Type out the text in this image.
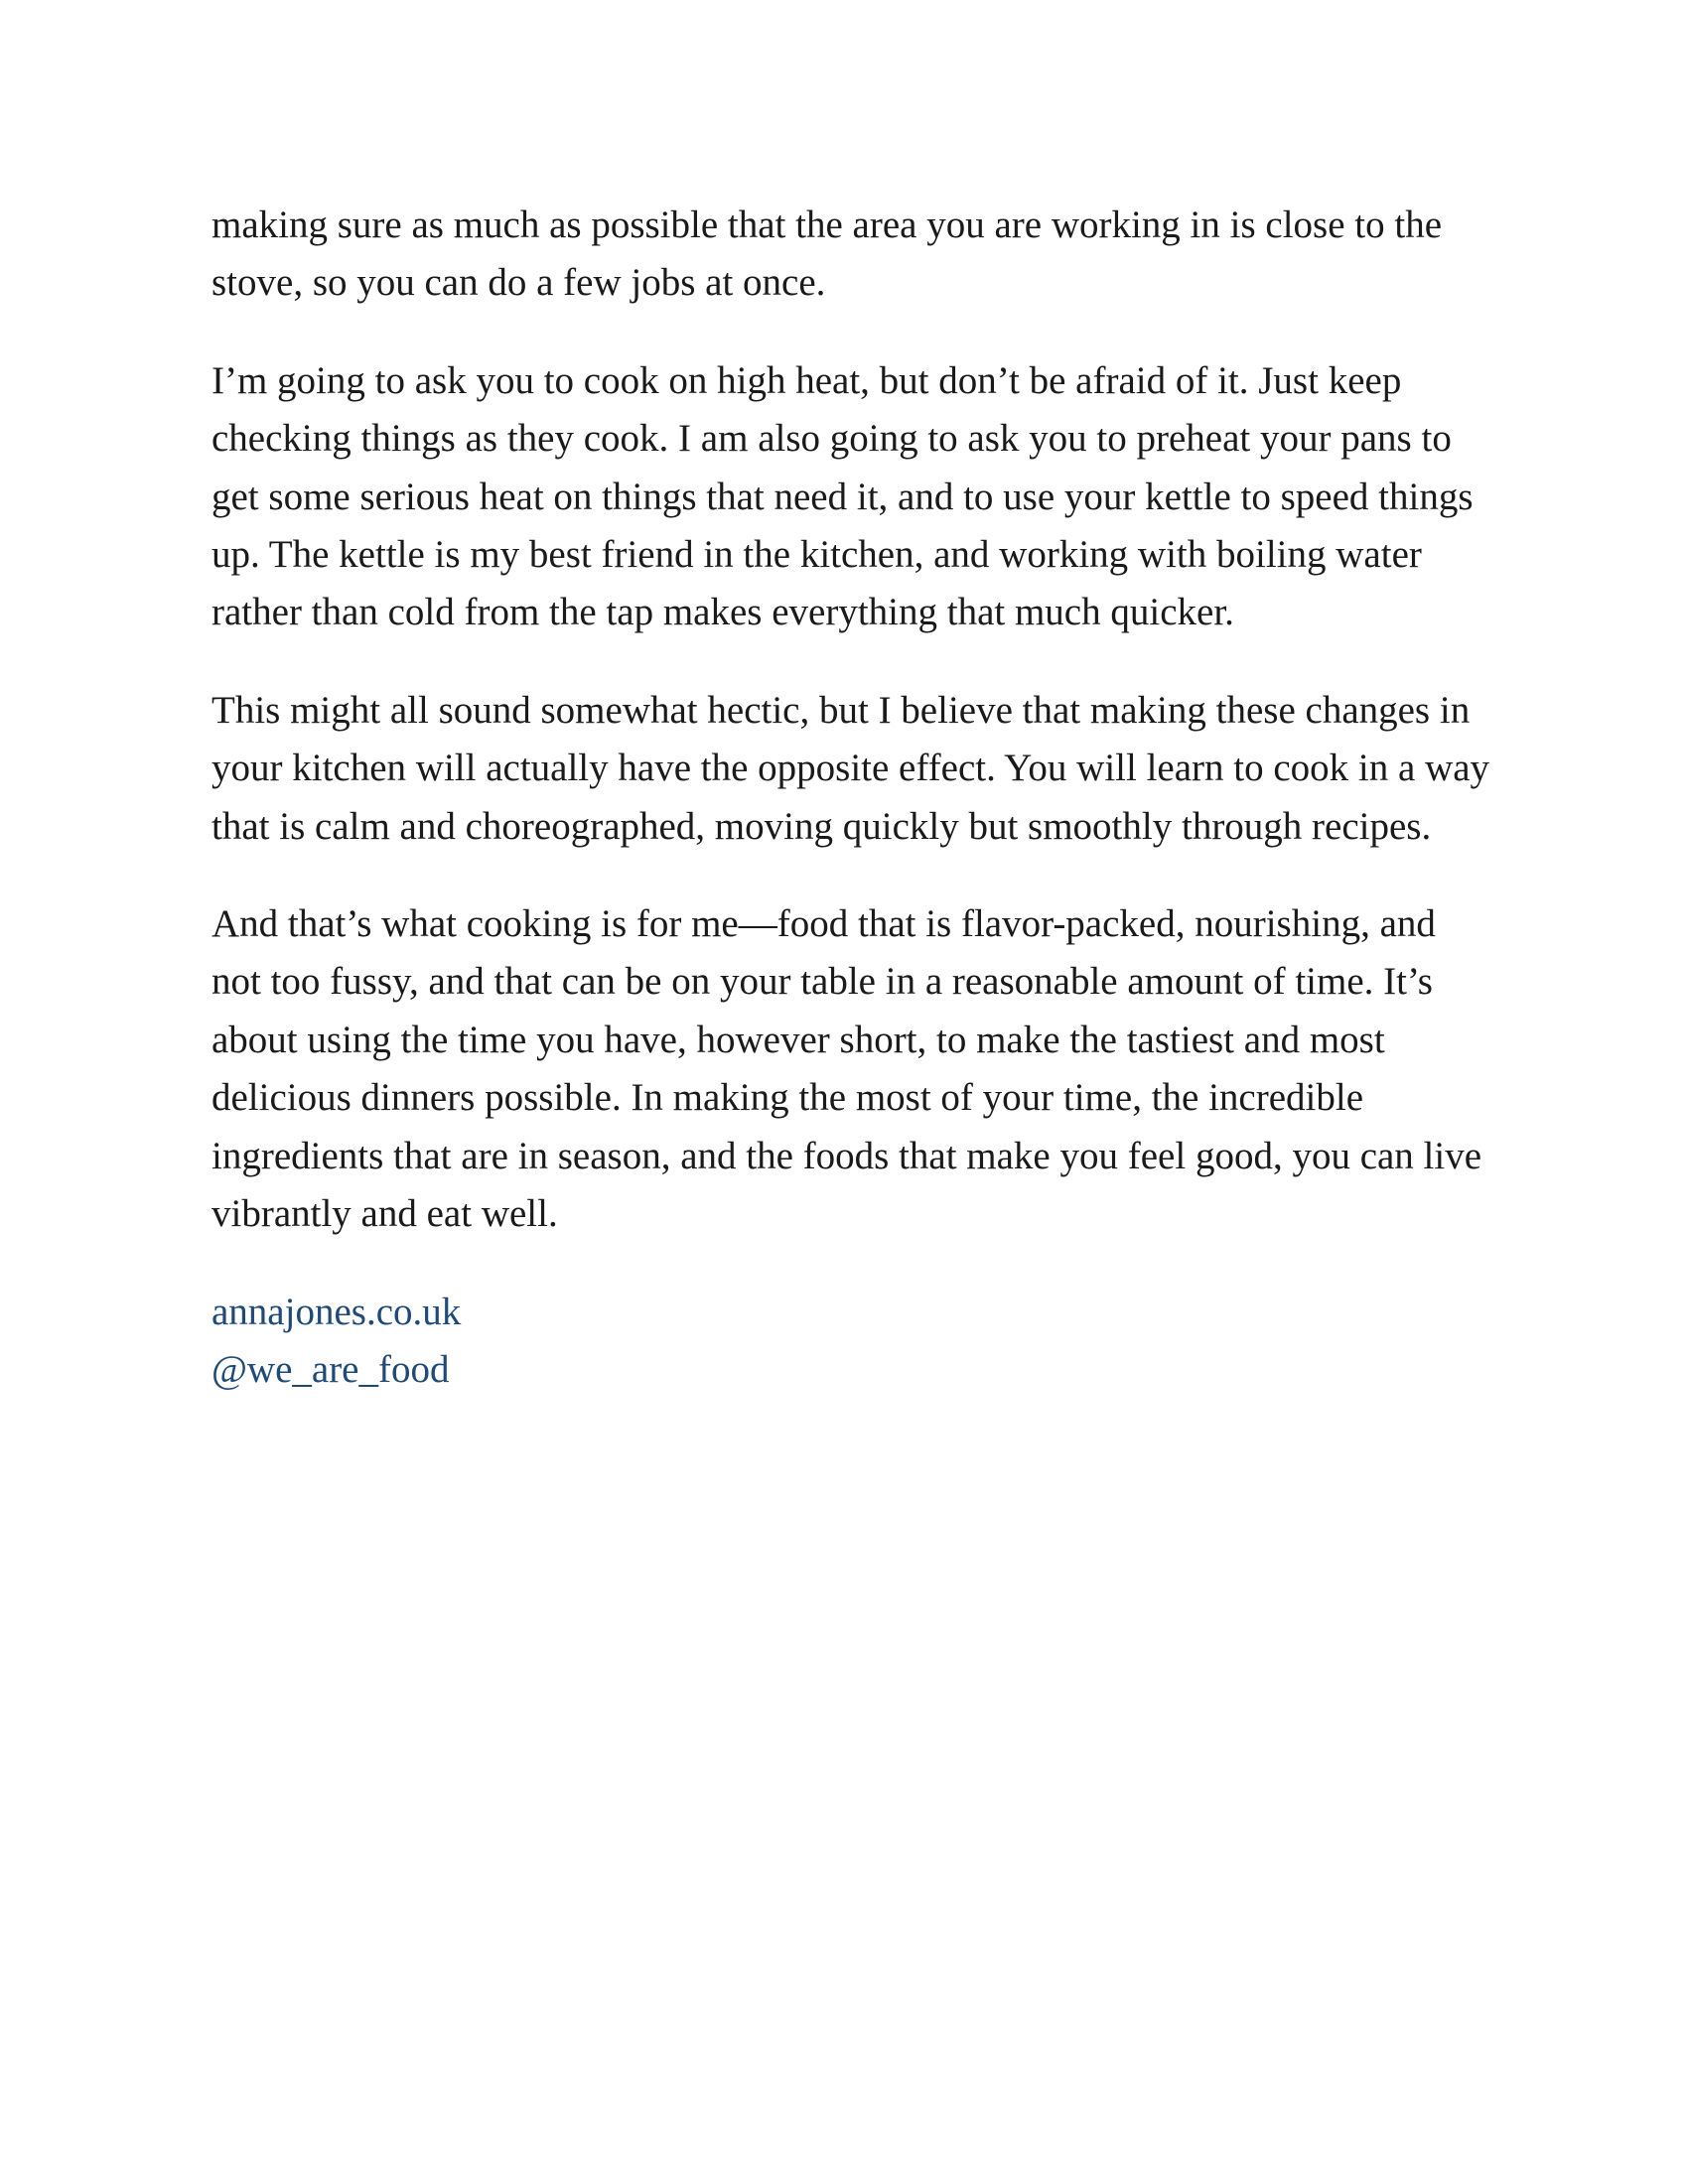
making sure as much as possible that the area you are working in is close to the stove, so you can do a few jobs at once.

I’m going to ask you to cook on high heat, but don’t be afraid of it. Just keep checking things as they cook. I am also going to ask you to preheat your pans to get some serious heat on things that need it, and to use your kettle to speed things up. The kettle is my best friend in the kitchen, and working with boiling water rather than cold from the tap makes everything that much quicker.

This might all sound somewhat hectic, but I believe that making these changes in your kitchen will actually have the opposite effect. You will learn to cook in a way that is calm and choreographed, moving quickly but smoothly through recipes.

And that’s what cooking is for me—food that is flavor-packed, nourishing, and not too fussy, and that can be on your table in a reasonable amount of time. It’s about using the time you have, however short, to make the tastiest and most delicious dinners possible. In making the most of your time, the incredible ingredients that are in season, and the foods that make you feel good, you can live vibrantly and eat well.

annajones.co.uk
@we_are_food
